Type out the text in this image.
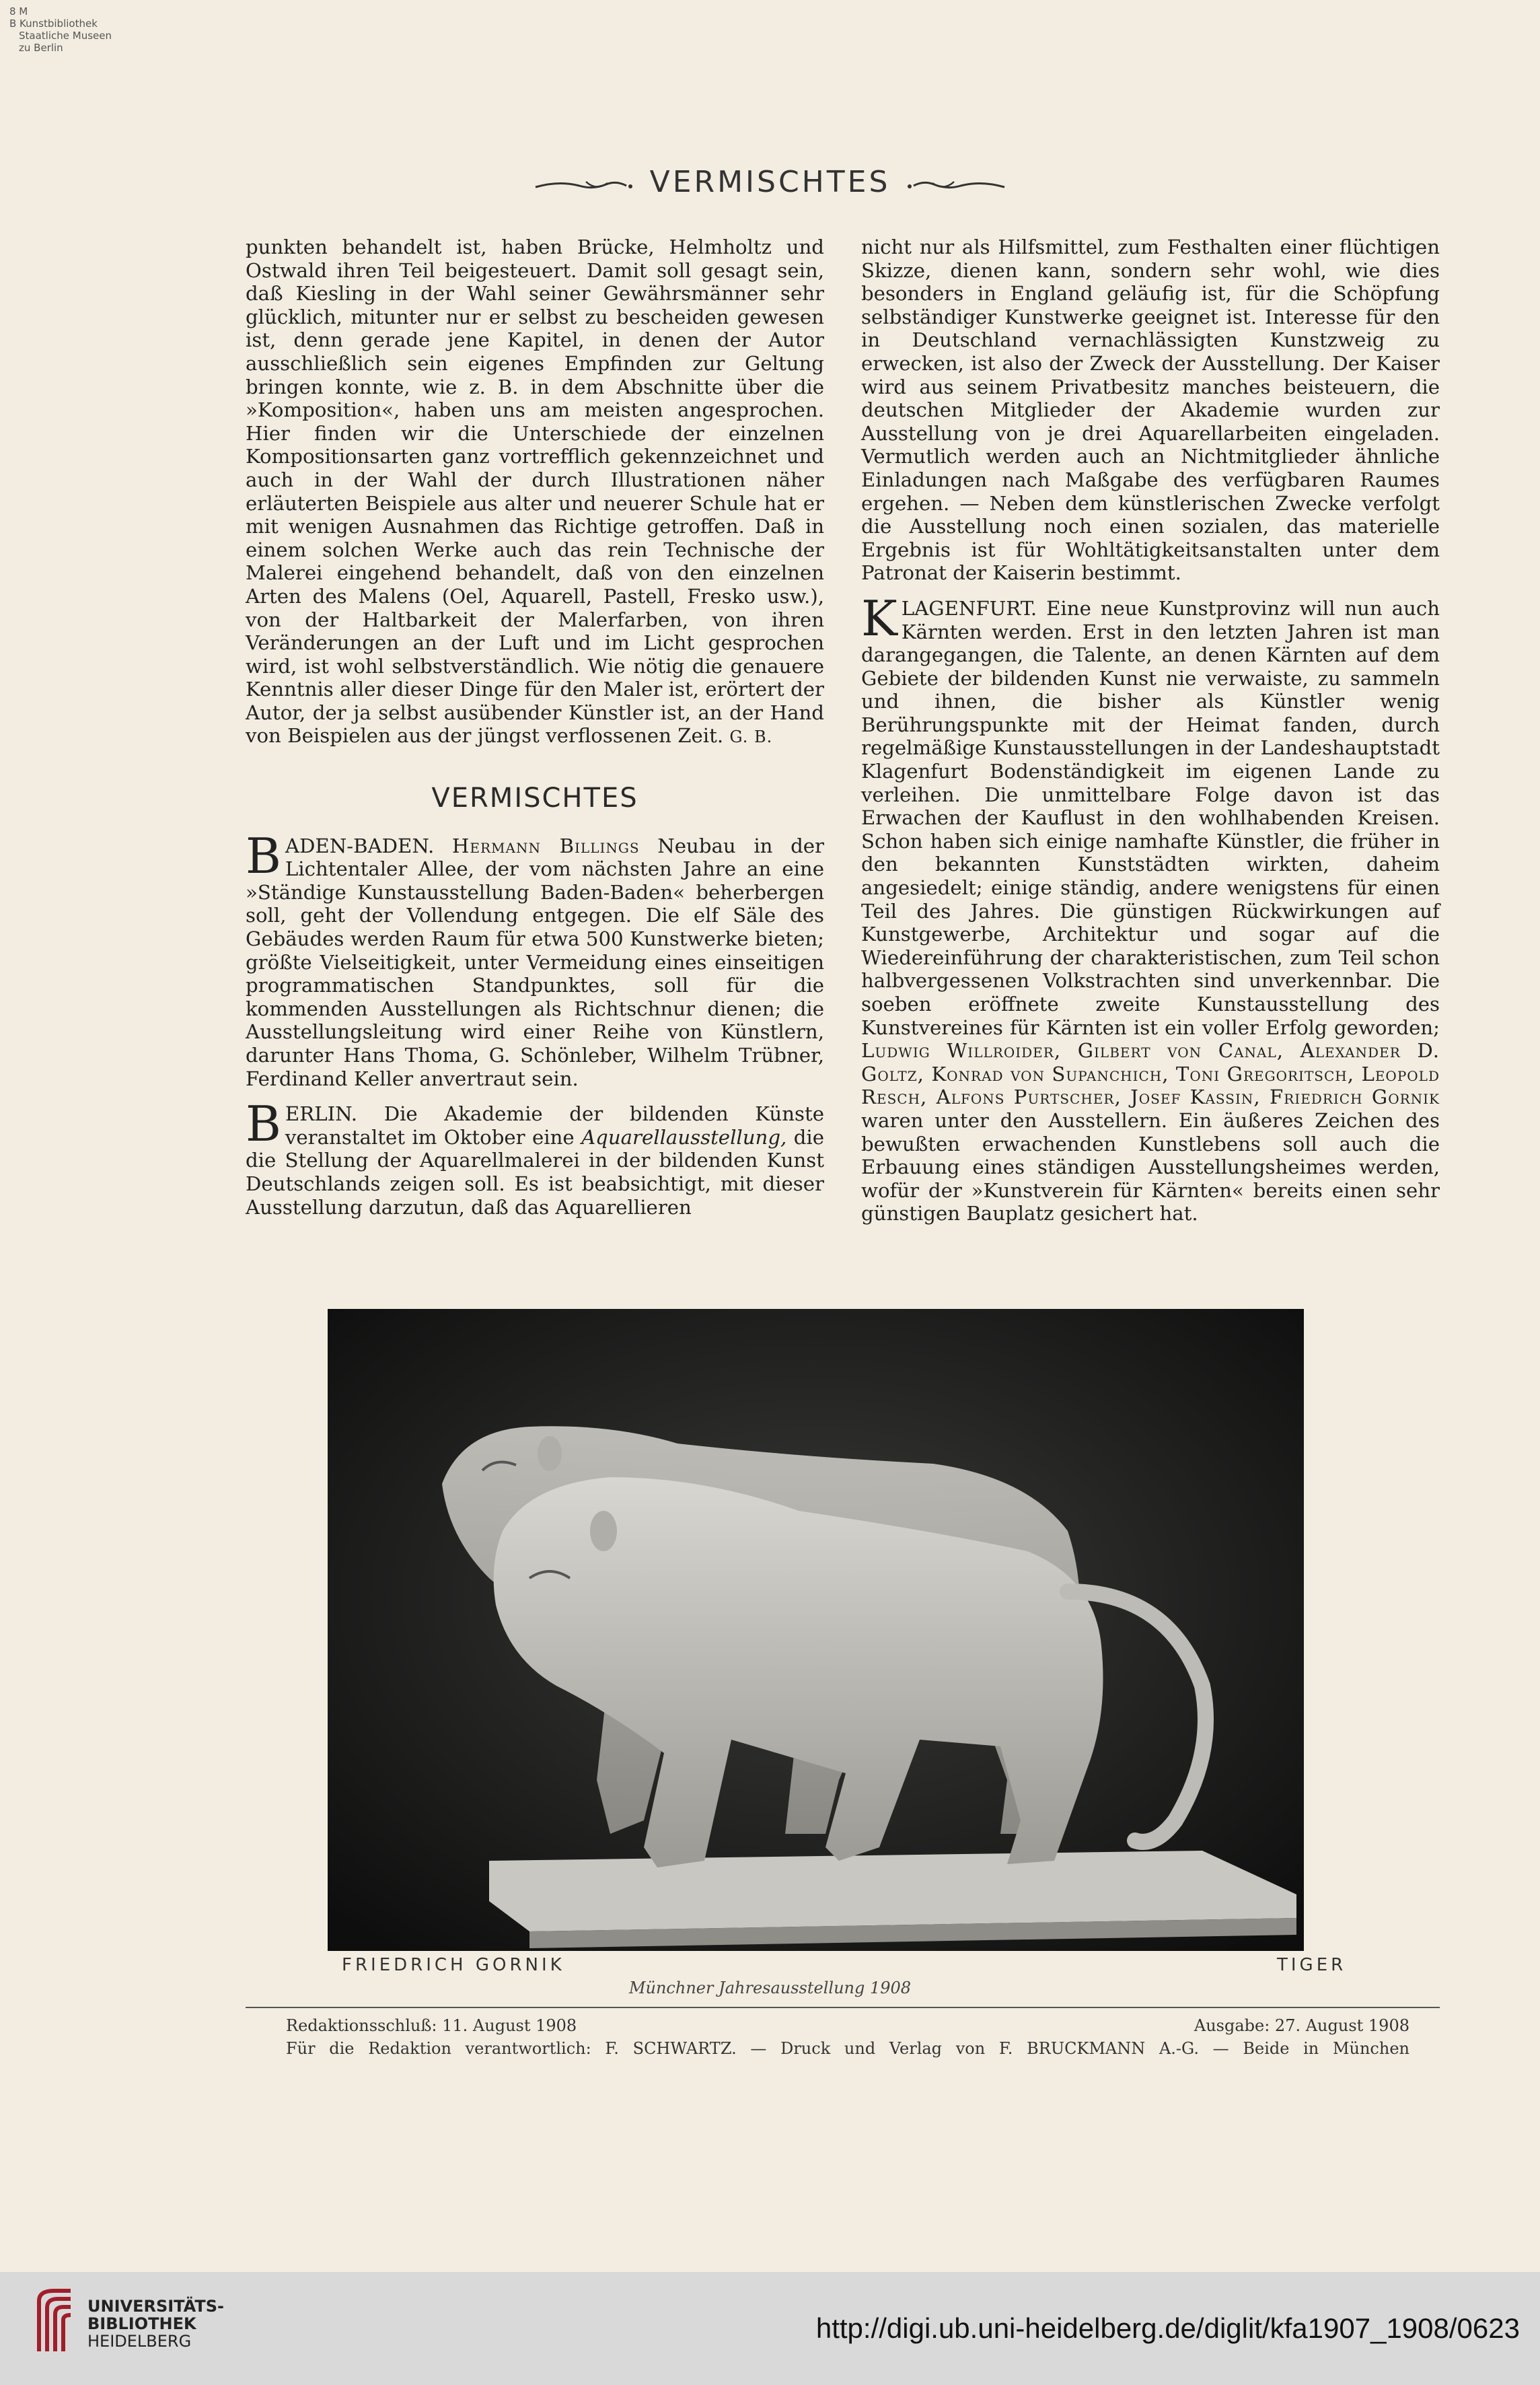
8 M
B Kunstbibliothek
Staatliche Museen
zu Berlin
VERMISCHTES

punkten behandelt ist, haben Brücke, Helmholtz und Ostwald ihren Teil beigesteuert. Damit soll gesagt sein, daß Kiesling in der Wahl seiner Gewährsmänner sehr glücklich, mitunter nur er selbst zu bescheiden gewesen ist, denn gerade jene Kapitel, in denen der Autor ausschließlich sein eigenes Empfinden zur Geltung bringen konnte, wie z. B. in dem Abschnitte über die »Komposition«, haben uns am meisten angesprochen. Hier finden wir die Unterschiede der einzelnen Kompositionsarten ganz vortrefflich gekennzeichnet und auch in der Wahl der durch Illustrationen näher erläuterten Beispiele aus alter und neuerer Schule hat er mit wenigen Ausnahmen das Richtige getroffen. Daß in einem solchen Werke auch das rein Technische der Malerei eingehend behandelt, daß von den einzelnen Arten des Malens (Oel, Aquarell, Pastell, Fresko usw.), von der Haltbarkeit der Malerfarben, von ihren Veränderungen an der Luft und im Licht gesprochen wird, ist wohl selbstverständlich. Wie nötig die genauere Kenntnis aller dieser Dinge für den Maler ist, erörtert der Autor, der ja selbst ausübender Künstler ist, an der Hand von Beispielen aus der jüngst verflossenen Zeit. G. B.

VERMISCHTES

BADEN-BADEN. Hermann Billings Neubau in der Lichtentaler Allee, der vom nächsten Jahre an eine »Ständige Kunstausstellung Baden-Baden« beherbergen soll, geht der Vollendung entgegen. Die elf Säle des Gebäudes werden Raum für etwa 500 Kunstwerke bieten; größte Vielseitigkeit, unter Vermeidung eines einseitigen programmatischen Standpunktes, soll für die kommenden Ausstellungen als Richtschnur dienen; die Ausstellungsleitung wird einer Reihe von Künstlern, darunter Hans Thoma, G. Schönleber, Wilhelm Trübner, Ferdinand Keller anvertraut sein.

BERLIN. Die Akademie der bildenden Künste veranstaltet im Oktober eine Aquarellausstellung, die die Stellung der Aquarellmalerei in der bildenden Kunst Deutschlands zeigen soll. Es ist beabsichtigt, mit dieser Ausstellung darzutun, daß das Aquarellieren

nicht nur als Hilfsmittel, zum Festhalten einer flüchtigen Skizze, dienen kann, sondern sehr wohl, wie dies besonders in England geläufig ist, für die Schöpfung selbständiger Kunstwerke geeignet ist. Interesse für den in Deutschland vernachlässigten Kunstzweig zu erwecken, ist also der Zweck der Ausstellung. Der Kaiser wird aus seinem Privatbesitz manches beisteuern, die deutschen Mitglieder der Akademie wurden zur Ausstellung von je drei Aquarellarbeiten eingeladen. Vermutlich werden auch an Nichtmitglieder ähnliche Einladungen nach Maßgabe des verfügbaren Raumes ergehen. — Neben dem künstlerischen Zwecke verfolgt die Ausstellung noch einen sozialen, das materielle Ergebnis ist für Wohltätigkeitsanstalten unter dem Patronat der Kaiserin bestimmt.

KLAGENFURT. Eine neue Kunstprovinz will nun auch Kärnten werden. Erst in den letzten Jahren ist man darangegangen, die Talente, an denen Kärnten auf dem Gebiete der bildenden Kunst nie verwaiste, zu sammeln und ihnen, die bisher als Künstler wenig Berührungspunkte mit der Heimat fanden, durch regelmäßige Kunstausstellungen in der Landeshauptstadt Klagenfurt Bodenständigkeit im eigenen Lande zu verleihen. Die unmittelbare Folge davon ist das Erwachen der Kauflust in den wohlhabenden Kreisen. Schon haben sich einige namhafte Künstler, die früher in den bekannten Kunststädten wirkten, daheim angesiedelt; einige ständig, andere wenigstens für einen Teil des Jahres. Die günstigen Rückwirkungen auf Kunstgewerbe, Architektur und sogar auf die Wiedereinführung der charakteristischen, zum Teil schon halbvergessenen Volkstrachten sind unverkennbar. Die soeben eröffnete zweite Kunstausstellung des Kunstvereines für Kärnten ist ein voller Erfolg geworden; Ludwig Willroider, Gilbert von Canal, Alexander D. Goltz, Konrad von Supanchich, Toni Gregoritsch, Leopold Resch, Alfons Purtscher, Josef Kassin, Friedrich Gornik waren unter den Ausstellern. Ein äußeres Zeichen des bewußten erwachenden Kunstlebens soll auch die Erbauung eines ständigen Ausstellungsheimes werden, wofür der »Kunstverein für Kärnten« bereits einen sehr günstigen Bauplatz gesichert hat.

FRIEDRICH GORNIK	TIGER
Münchner Jahresausstellung 1908
Redaktionsschluß: 11. August 1908	Ausgabe: 27. August 1908
Für die Redaktion verantwortlich: F. SCHWARTZ. — Druck und Verlag von F. BRUCKMANN A.-G. — Beide in München
UNIVERSITÄTS-
BIBLIOTHEK
HEIDELBERG	http://digi.ub.uni-heidelberg.de/diglit/kfa1907_1908/0623
